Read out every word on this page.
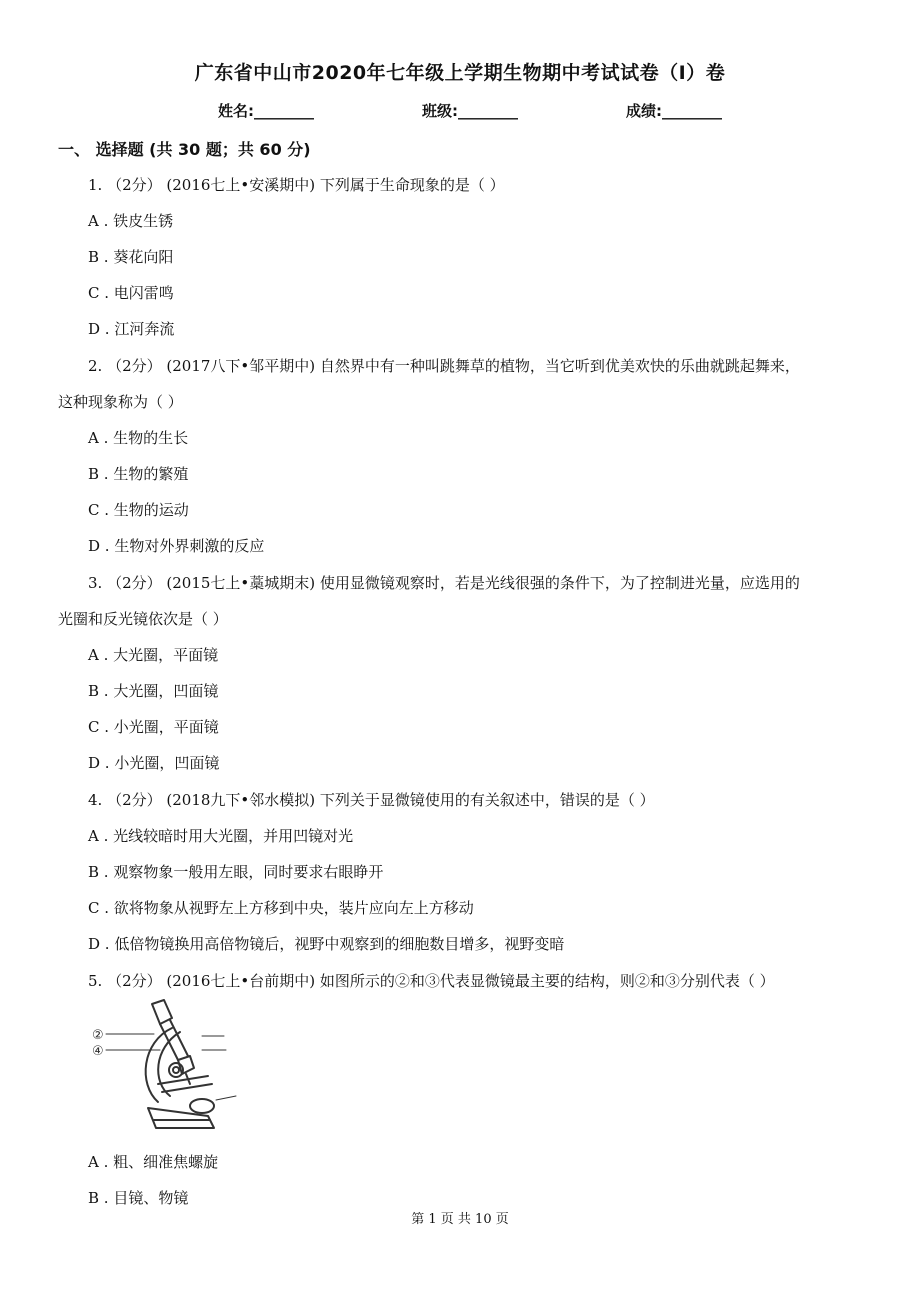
广东省中山市2020年七年级上学期生物期中考试试卷（I）卷
姓名:________	班级:________	成绩:________
一、 选择题 (共 30 题；共 60 分)
1. （2分） (2016七上•安溪期中) 下列属于生命现象的是（ ）
A . 铁皮生锈
B . 葵花向阳
C . 电闪雷鸣
D . 江河奔流
2. （2分） (2017八下•邹平期中) 自然界中有一种叫跳舞草的植物，当它听到优美欢快的乐曲就跳起舞来，
这种现象称为（ ）
A . 生物的生长
B . 生物的繁殖
C . 生物的运动
D . 生物对外界刺激的反应
3. （2分） (2015七上•藁城期末) 使用显微镜观察时，若是光线很强的条件下，为了控制进光量，应选用的
光圈和反光镜依次是（ ）
A . 大光圈，平面镜
B . 大光圈，凹面镜
C . 小光圈，平面镜
D . 小光圈，凹面镜
4. （2分） (2018九下•邻水模拟) 下列关于显微镜使用的有关叙述中，错误的是（ ）
A . 光线较暗时用大光圈，并用凹镜对光
B . 观察物象一般用左眼，同时要求右眼睁开
C . 欲将物象从视野左上方移到中央，装片应向左上方移动
D . 低倍物镜换用高倍物镜后，视野中观察到的细胞数目增多，视野变暗
5. （2分） (2016七上•台前期中) 如图所示的②和③代表显微镜最主要的结构，则②和③分别代表（ ）
②
④
A . 粗、细准焦螺旋
B . 目镜、物镜
第 1 页 共 10 页
